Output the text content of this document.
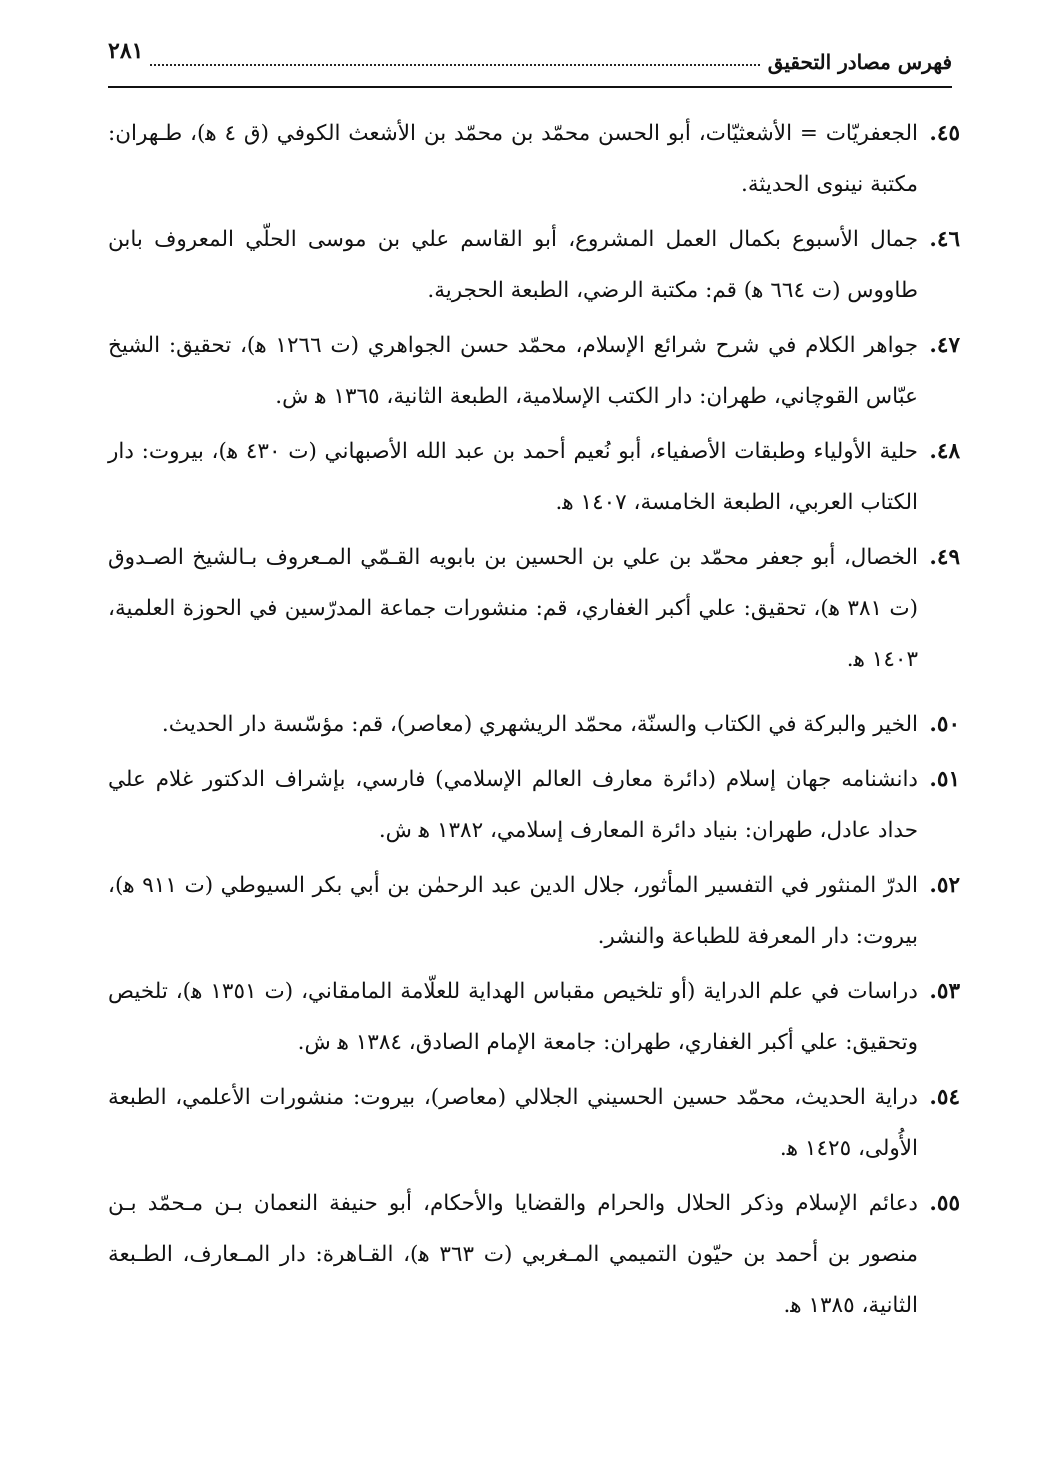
فهرس مصادر التحقيق
٢٨١
٤٥.
الجعفريّات = الأشعثيّات، أبو الحسن محمّد بن محمّد بن الأشعث الكوفي (ق ٤ ﻫ)، طـهران: مكتبة نينوى الحديثة.
٤٦.
جمال الأسبوع بكمال العمل المشروع، أبو القاسم علي بن موسى الحلّي المعروف بابن طاووس (ت ٦٦٤ ﻫ) قم: مكتبة الرضي، الطبعة الحجرية.
٤٧.
جواهر الكلام في شرح شرائع الإسلام، محمّد حسن الجواهري (ت ١٢٦٦ ﻫ)، تحقيق: الشيخ عبّاس القوچاني، طهران: دار الكتب الإسلامية، الطبعة الثانية، ١٣٦٥ ﻫ ش.
٤٨.
حلية الأولياء وطبقات الأصفياء، أبو نُعيم أحمد بن عبد الله الأصبهاني (ت ٤٣٠ ﻫ)، بيروت: دار الكتاب العربي، الطبعة الخامسة، ١٤٠٧ ﻫ.
٤٩.
الخصال، أبو جعفر محمّد بن علي بن الحسين بن بابويه القـمّي المـعروف بـالشيخ الصـدوق (ت ٣٨١ ﻫ)، تحقيق: علي أكبر الغفاري، قم: منشورات جماعة المدرّسين في الحوزة العلمية، ١٤٠٣ ﻫ.
٥٠.
الخير والبركة في الكتاب والسنّة، محمّد الريشهري (معاصر)، قم: مؤسّسة دار الحديث.
٥١.
دانشنامه جهان إسلام (دائرة معارف العالم الإسلامي) فارسي، بإشراف الدكتور غلام علي حداد عادل، طهران: بنياد دائرة المعارف إسلامي، ١٣٨٢ ﻫ ش.
٥٢.
الدرّ المنثور في التفسير المأثور، جلال الدين عبد الرحمٰن بن أبي بكر السيوطي (ت ٩١١ ﻫ)، بيروت: دار المعرفة للطباعة والنشر.
٥٣.
دراسات في علم الدراية (أو تلخيص مقباس الهداية للعلّامة المامقاني، (ت ١٣٥١ ﻫ)، تلخيص وتحقيق: علي أكبر الغفاري، طهران: جامعة الإمام الصادق، ١٣٨٤ ﻫ ش.
٥٤.
دراية الحديث، محمّد حسين الحسيني الجلالي (معاصر)، بيروت: منشورات الأعلمي، الطبعة الأُولى، ١٤٢٥ ﻫ.
٥٥.
دعائم الإسلام وذكر الحلال والحرام والقضايا والأحكام، أبو حنيفة النعمان بـن مـحمّد بـن منصور بن أحمد بن حيّون التميمي المـغربي (ت ٣٦٣ ﻫ)، القـاهرة: دار المـعارف، الطـبعة الثانية، ١٣٨٥ ﻫ.
